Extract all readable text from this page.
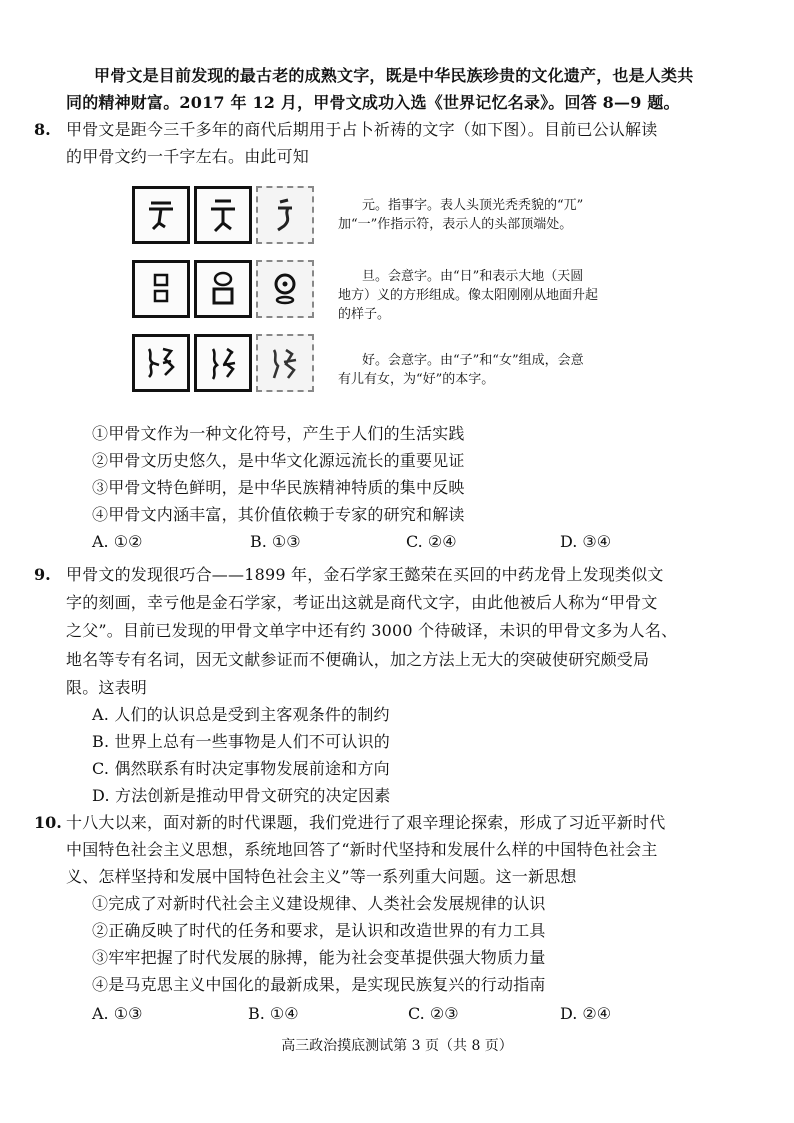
甲骨文是目前发现的最古老的成熟文字，既是中华民族珍贵的文化遗产，也是人类共
同的精神财富。2017 年 12 月，甲骨文成功入选《世界记忆名录》。回答 8—9 题。
8. 甲骨文是距今三千多年的商代后期用于占卜祈祷的文字（如下图）。目前已公认解读
的甲骨文约一千字左右。由此可知
元。指事字。表人头顶光秃秃貌的“兀”
加“一”作指示符，表示人的头部顶端处。
旦。会意字。由“日”和表示大地（天圆
地方）义的方形组成。像太阳刚刚从地面升起
的样子。
好。会意字。由“子”和“女”组成，会意
有儿有女，为“好”的本字。
①甲骨文作为一种文化符号，产生于人们的生活实践
②甲骨文历史悠久，是中华文化源远流长的重要见证
③甲骨文特色鲜明，是中华民族精神特质的集中反映
④甲骨文内涵丰富，其价值依赖于专家的研究和解读
A. ①②	B. ①③	C. ②④	D. ③④
9. 甲骨文的发现很巧合——1899 年，金石学家王懿荣在买回的中药龙骨上发现类似文
字的刻画，幸亏他是金石学家，考证出这就是商代文字，由此他被后人称为“甲骨文
之父”。目前已发现的甲骨文单字中还有约 3000 个待破译，未识的甲骨文多为人名、
地名等专有名词，因无文献参证而不便确认，加之方法上无大的突破使研究颇受局
限。这表明
A. 人们的认识总是受到主客观条件的制约
B. 世界上总有一些事物是人们不可认识的
C. 偶然联系有时决定事物发展前途和方向
D. 方法创新是推动甲骨文研究的决定因素
10. 十八大以来，面对新的时代课题，我们党进行了艰辛理论探索，形成了习近平新时代
中国特色社会主义思想，系统地回答了“新时代坚持和发展什么样的中国特色社会主
义、怎样坚持和发展中国特色社会主义”等一系列重大问题。这一新思想
①完成了对新时代社会主义建设规律、人类社会发展规律的认识
②正确反映了时代的任务和要求，是认识和改造世界的有力工具
③牢牢把握了时代发展的脉搏，能为社会变革提供强大物质力量
④是马克思主义中国化的最新成果，是实现民族复兴的行动指南
A. ①③	B. ①④	C. ②③	D. ②④
高三政治摸底测试第 3 页（共 8 页）
